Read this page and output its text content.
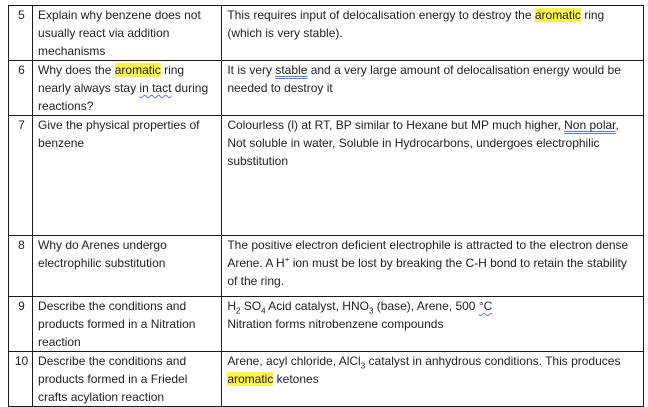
5	Explain why benzene does not usually react via addition mechanisms	This requires input of delocalisation energy to destroy the aromatic ring (which is very stable).
6	Why does the aromatic ring nearly always stay in tact during reactions?	It is very stable and a very large amount of delocalisation energy would be needed to destroy it
7	Give the physical properties of benzene	Colourless (l) at RT, BP similar to Hexane but MP much higher, Non polar, Not soluble in water, Soluble in Hydrocarbons, undergoes electrophilic substitution
8	Why do Arenes undergo electrophilic substitution	The positive electron deficient electrophile is attracted to the electron dense Arene. A H+ ion must be lost by breaking the C-H bond to retain the stability of the ring.
9	Describe the conditions and products formed in a Nitration reaction	$H_2$ $SO_4$ Acid catalyst, $HNO_3$ (base), Arene, 500 °C
Nitration forms nitrobenzene compounds

10	Describe the conditions and products formed in a Friedel crafts acylation reaction	Arene, acyl chloride, AlCl$_3$ catalyst in anhydrous conditions. This produces aromatic ketones
